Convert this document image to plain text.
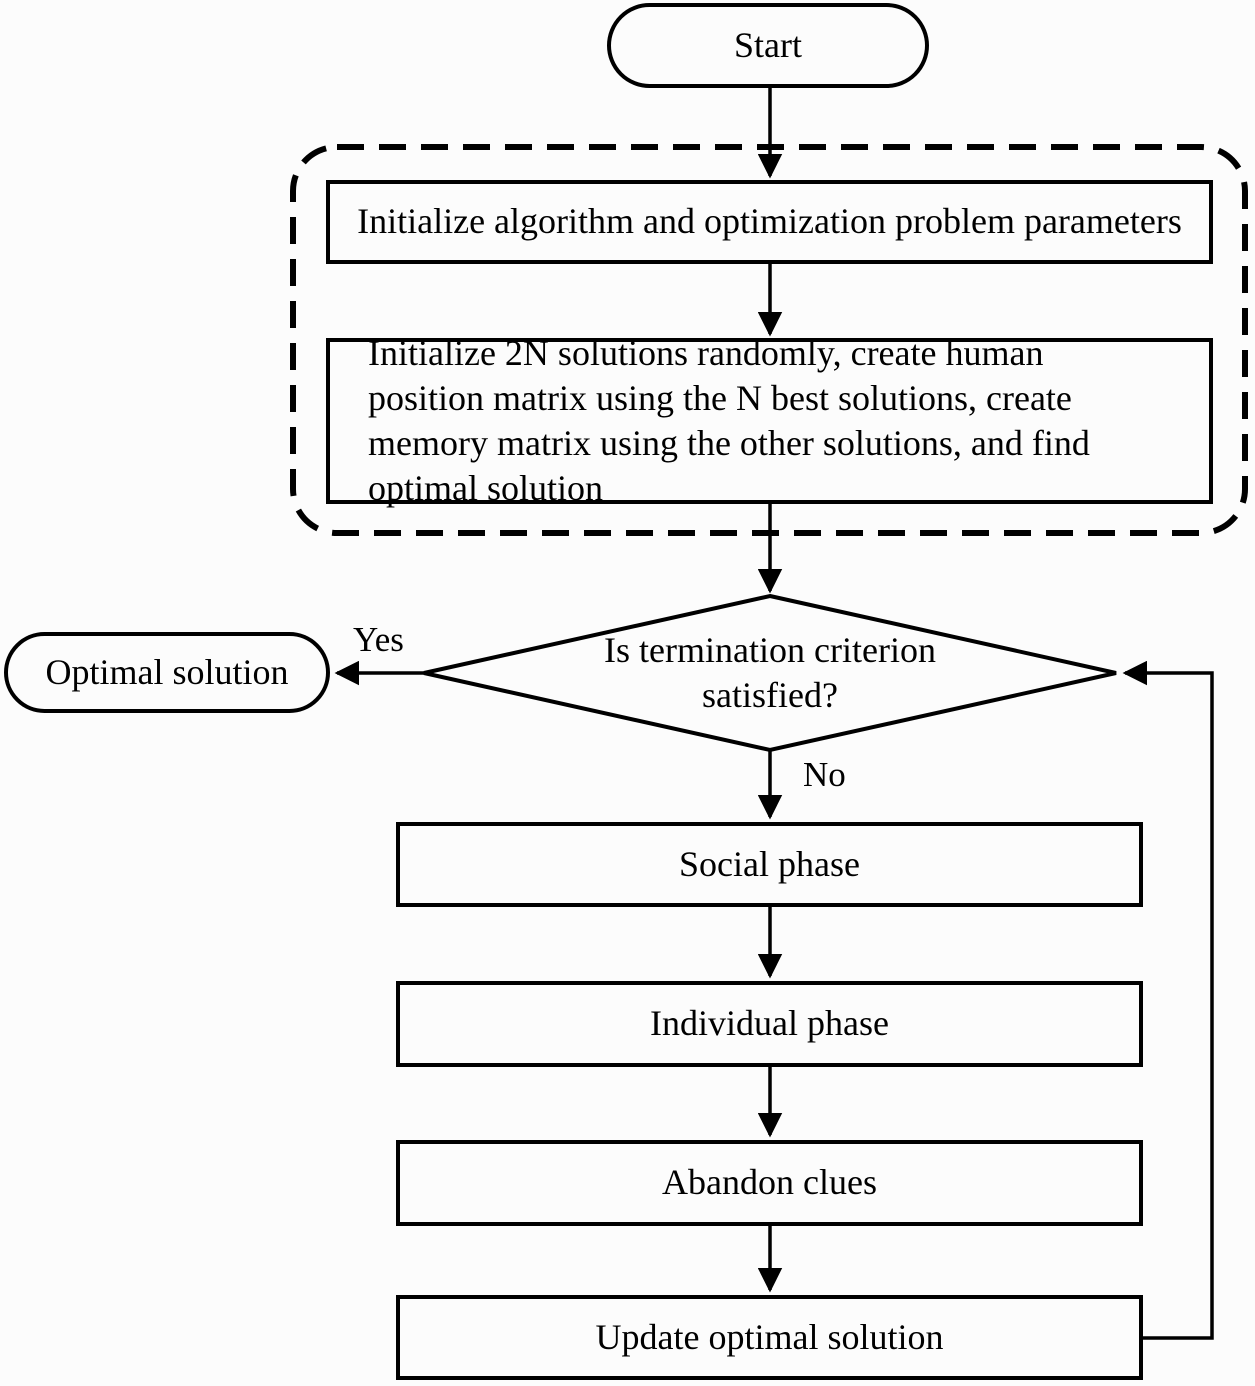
Start
Initialize algorithm and optimization problem parameters
Initialize 2N solutions randomly, create human position matrix using the N best solutions, create memory matrix using the other solutions, and find optimal solution
Is termination criterion satisfied?
Optimal solution
Yes
No
Social phase
Individual phase
Abandon clues
Update optimal solution
